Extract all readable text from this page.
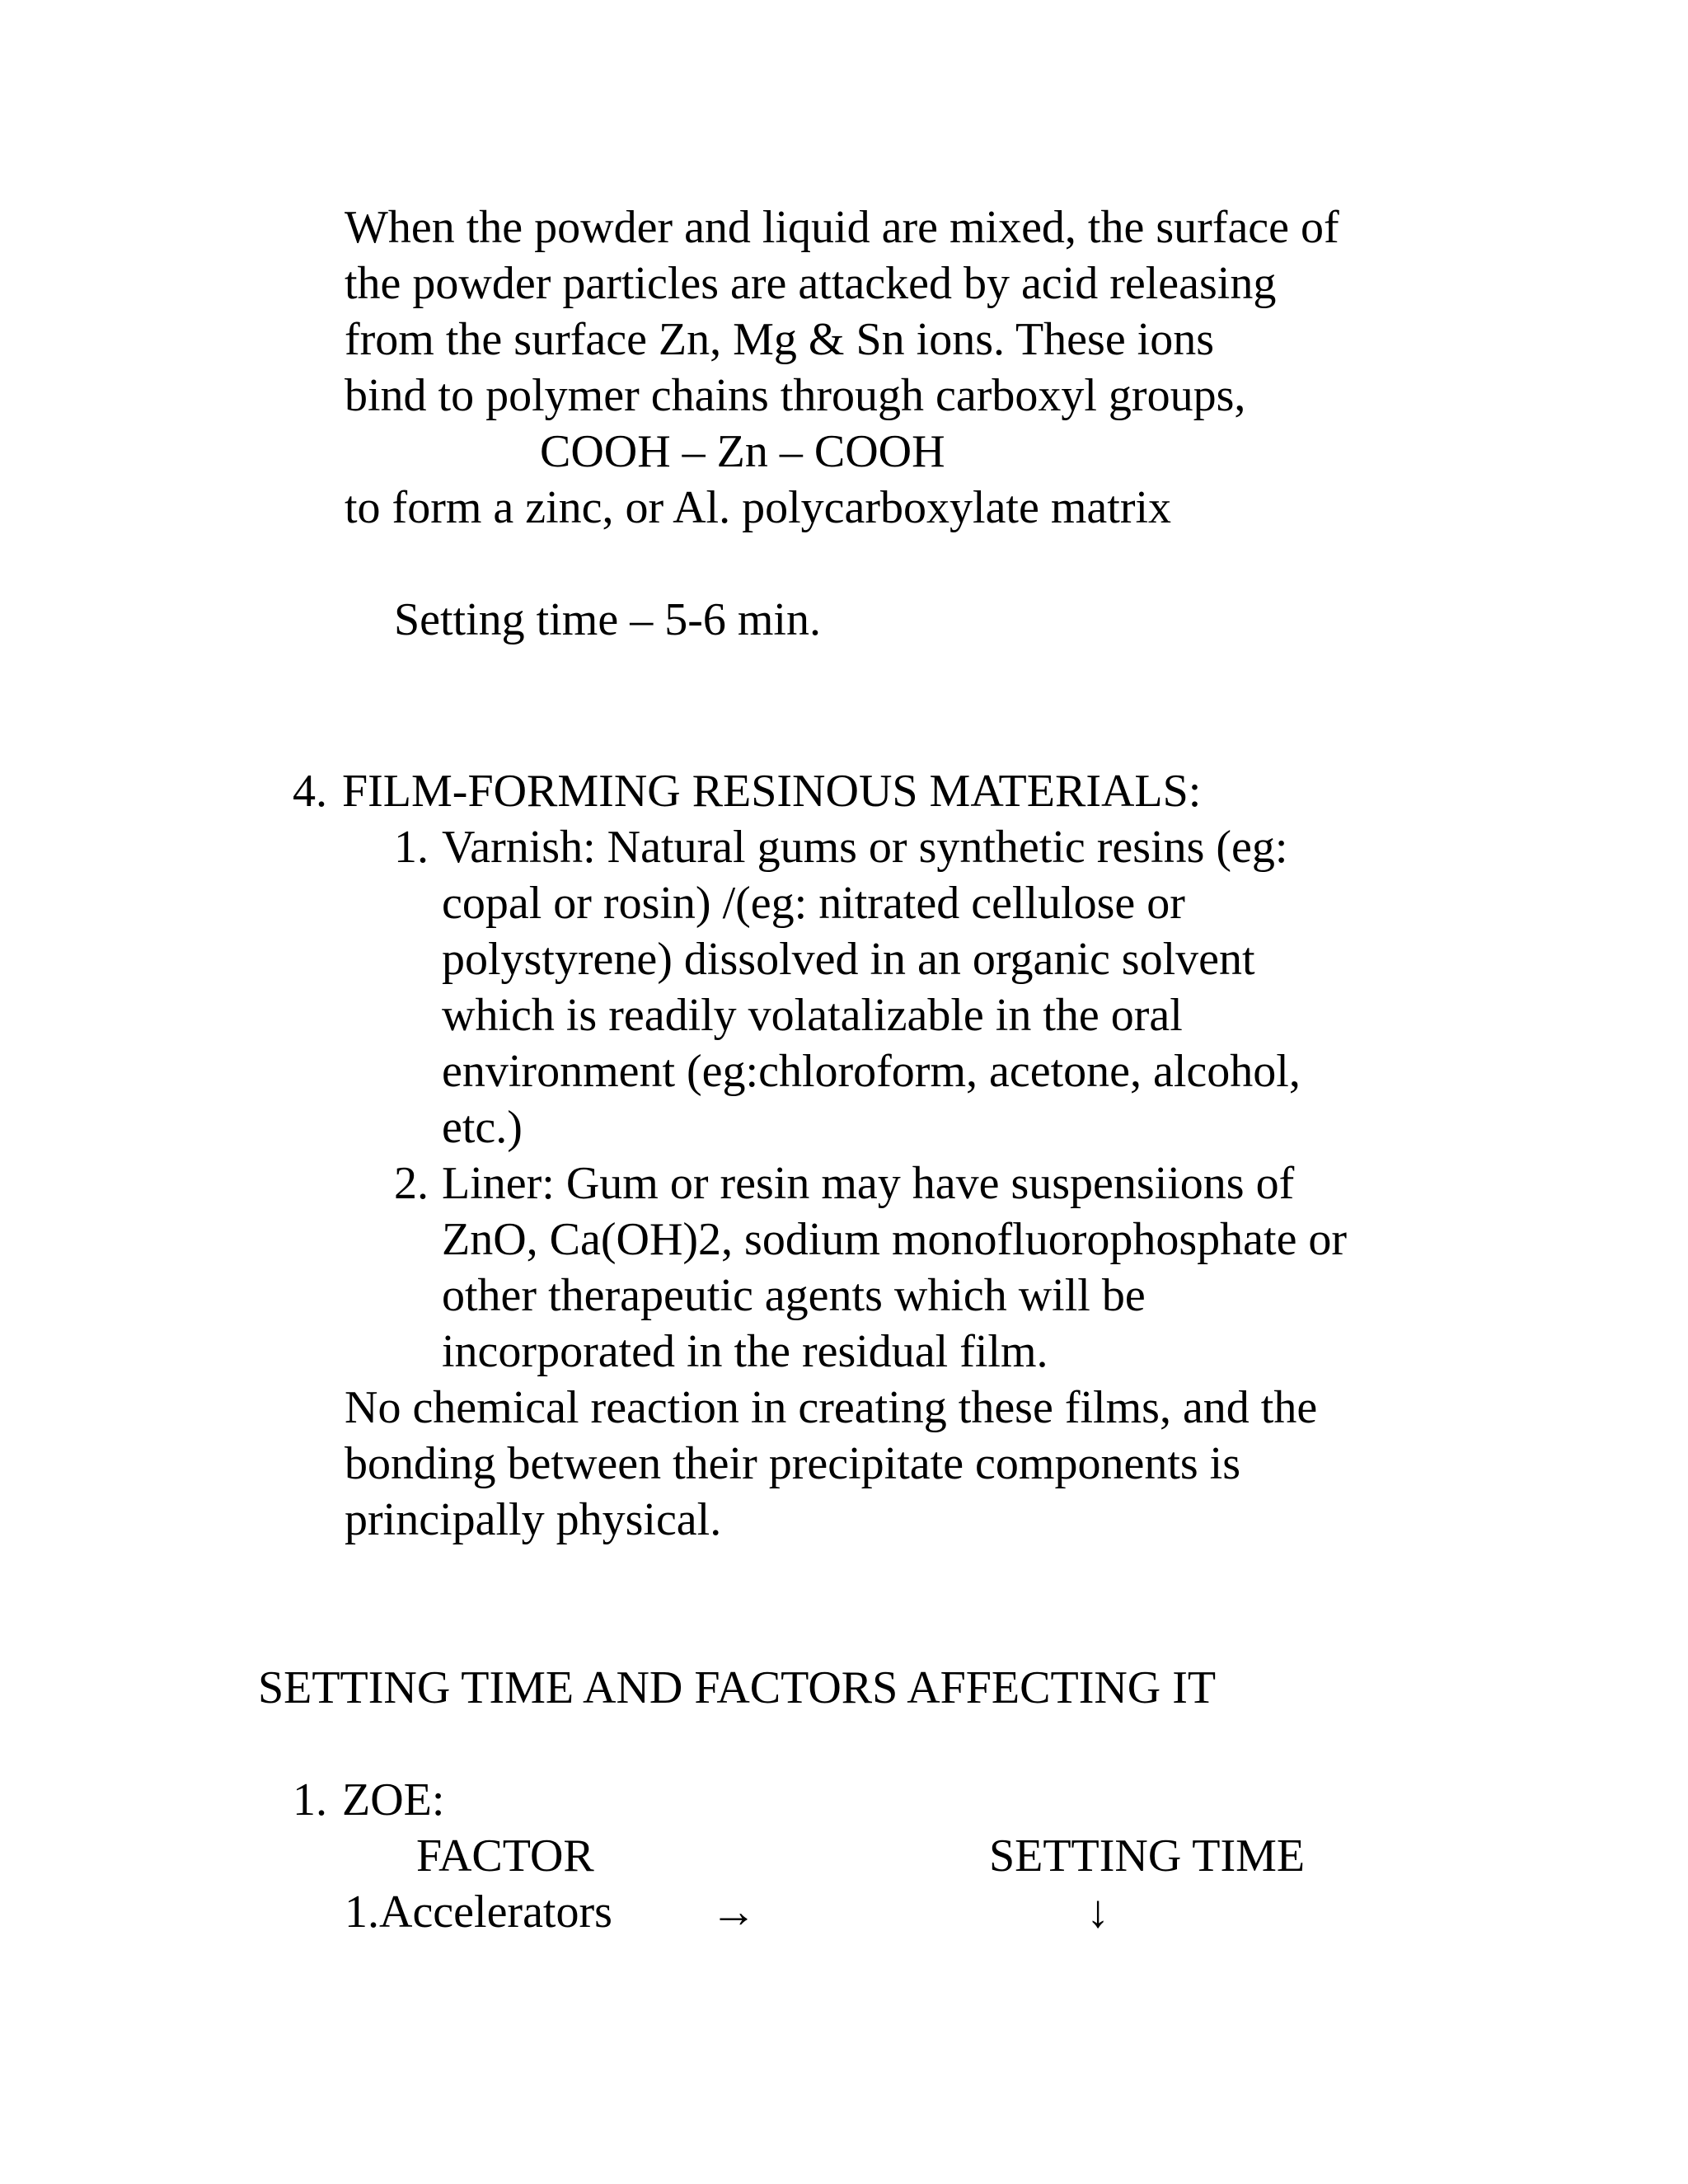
When the powder and liquid are mixed, the surface of
the powder particles are attacked by acid releasing
from the surface Zn, Mg & Sn ions. These ions
bind to polymer chains through carboxyl groups,
COOH – Zn – COOH
to form a zinc, or Al. polycarboxylate matrix
Setting time – 5-6 min.
4. FILM-FORMING RESINOUS MATERIALS:
1. Varnish: Natural gums or synthetic resins (eg:
copal or rosin) /(eg: nitrated cellulose or
polystyrene) dissolved in an organic solvent
which is readily volatalizable in the oral
environment (eg:chloroform, acetone, alcohol,
etc.)
2. Liner: Gum or resin may have suspensiions of
ZnO, Ca(OH)2, sodium monofluorophosphate or
other therapeutic agents which will be
incorporated in the residual film.
No chemical reaction in creating these films, and the
bonding between their precipitate components is
principally physical.
SETTING TIME AND FACTORS AFFECTING IT
1. ZOE:
FACTOR	SETTING TIME
1.Accelerators →	↓
